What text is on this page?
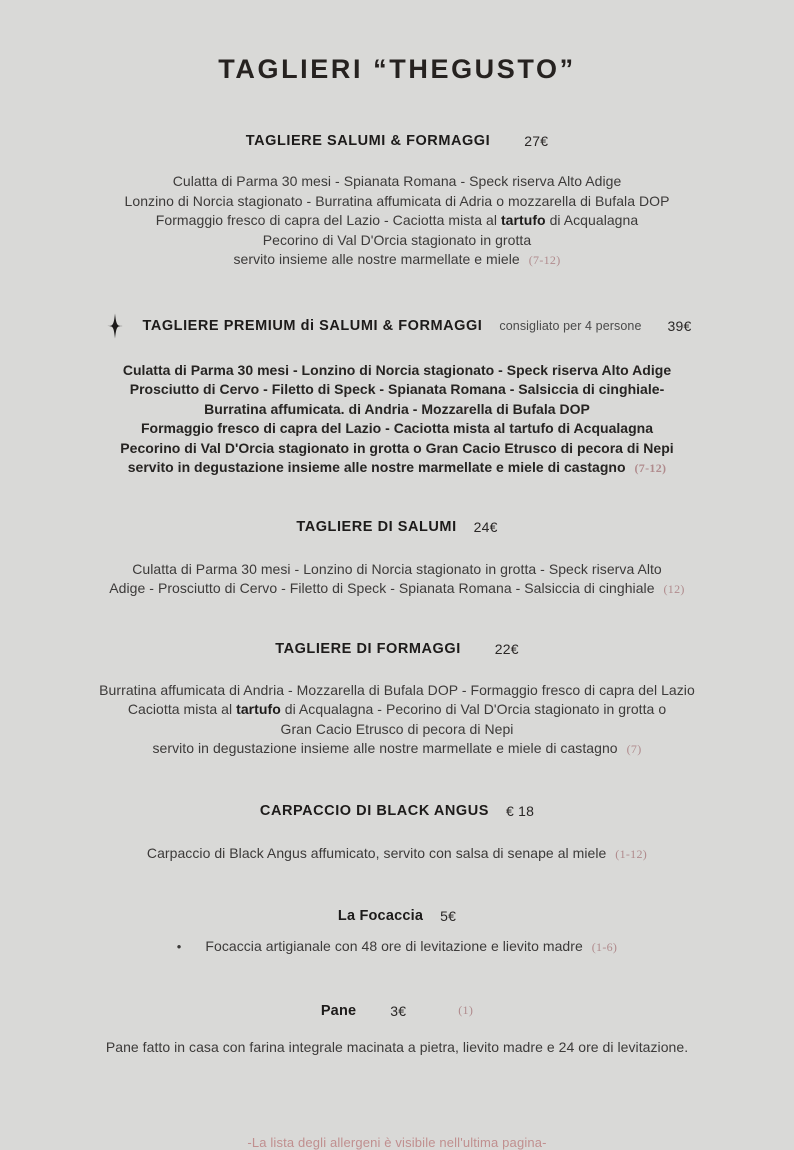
TAGLIERI “THEGUSTO”
TAGLIERE SALUMI & FORMAGGI 27€

Culatta di Parma 30 mesi - Spianata Romana - Speck riserva Alto Adige
Lonzino di Norcia stagionato - Burratina affumicata di Adria o mozzarella di Bufala DOP
Formaggio fresco di capra del Lazio - Caciotta mista al tartufo di Acqualagna
Pecorino di Val D'Orcia stagionato in grotta
servito insieme alle nostre marmellate e miele (7-12)

TAGLIERE PREMIUM di SALUMI & FORMAGGI consigliato per 4 persone 39€

Culatta di Parma 30 mesi - Lonzino di Norcia stagionato - Speck riserva Alto Adige
Prosciutto di Cervo - Filetto di Speck - Spianata Romana - Salsiccia di cinghiale-
Burratina affumicata. di Andria - Mozzarella di Bufala DOP
Formaggio fresco di capra del Lazio - Caciotta mista al tartufo di Acqualagna
Pecorino di Val D'Orcia stagionato in grotta o Gran Cacio Etrusco di pecora di Nepi
servito in degustazione insieme alle nostre marmellate e miele di castagno (7-12)

TAGLIERE DI SALUMI 24€

Culatta di Parma 30 mesi - Lonzino di Norcia stagionato in grotta - Speck riserva Alto
Adige - Prosciutto di Cervo - Filetto di Speck - Spianata Romana - Salsiccia di cinghiale (12)

TAGLIERE DI FORMAGGI 22€

Burratina affumicata di Andria - Mozzarella di Bufala DOP - Formaggio fresco di capra del Lazio
Caciotta mista al tartufo di Acqualagna - Pecorino di Val D'Orcia stagionato in grotta o
Gran Cacio Etrusco di pecora di Nepi
servito in degustazione insieme alle nostre marmellate e miele di castagno (7)

CARPACCIO DI BLACK ANGUS € 18

Carpaccio di Black Angus affumicato, servito con salsa di senape al miele (1-12)

La Focaccia 5€
• Focaccia artigianale con 48 ore di levitazione e lievito madre (1-6)
Pane 3€	(1)

Pane fatto in casa con farina integrale macinata a pietra, lievito madre e 24 ore di levitazione.

-La lista degli allergeni è visibile nell'ultima pagina-
